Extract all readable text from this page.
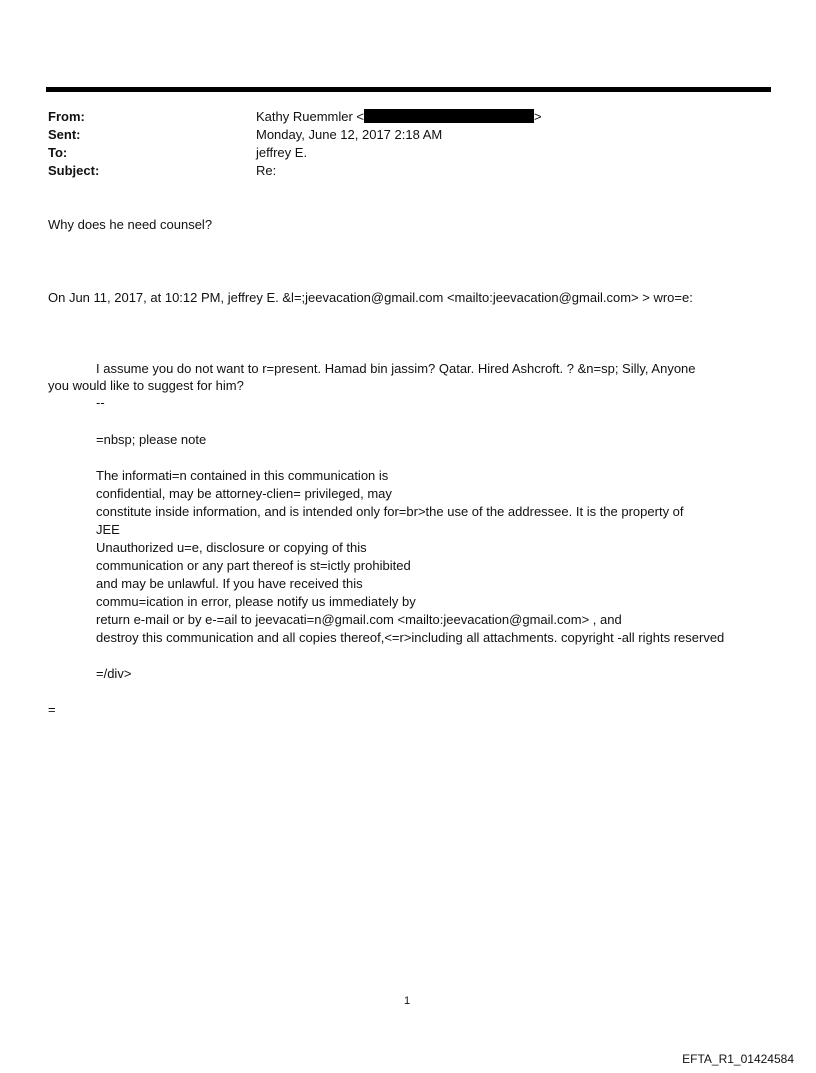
From:	Kathy Ruemmler <	>
Sent:	Monday, June 12, 2017 2:18 AM
To:	jeffrey E.
Subject:	Re:
Why does he need counsel?
On Jun 11, 2017, at 10:12 PM, jeffrey E. &l=;jeevacation@gmail.com <mailto:jeevacation@gmail.com> > wro=e:
I assume you do not want to r=present. Hamad bin jassim? Qatar. Hired Ashcroft. ? &n=sp; Silly, Anyone
you would like to suggest for him?
--
=nbsp; please note
The informati=n contained in this communication is
confidential, may be attorney-clien= privileged, may
constitute inside information, and is intended only for=br>the use of the addressee. It is the property of
JEE
Unauthorized u=e, disclosure or copying of this
communication or any part thereof is st=ictly prohibited
and may be unlawful. If you have received this
commu=ication in error, please notify us immediately by
return e-mail or by e-=ail to jeevacati=n@gmail.com <mailto:jeevacation@gmail.com> , and
destroy this communication and all copies thereof,<=r>including all attachments. copyright -all rights reserved
=/div>
=
1
EFTA_R1_01424584
